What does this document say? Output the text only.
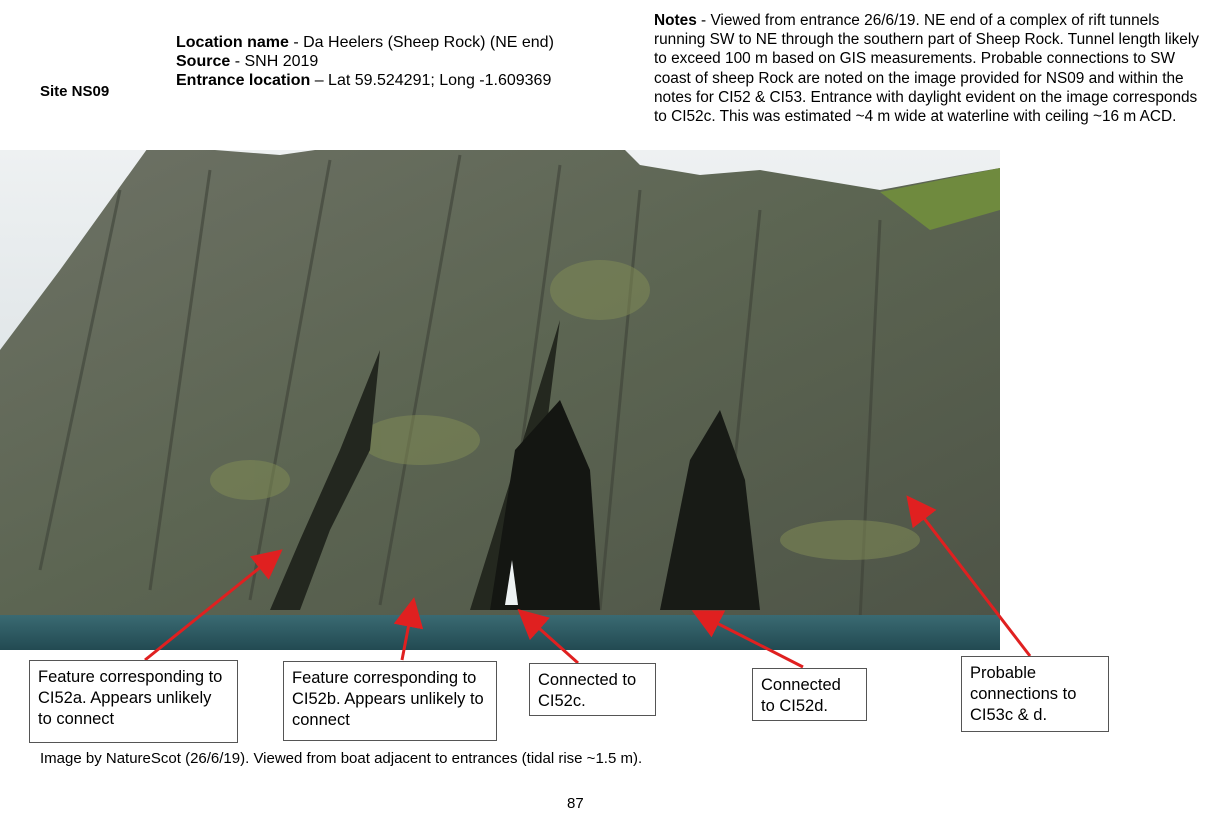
Site NS09
Location name - Da Heelers (Sheep Rock) (NE end)
Source - SNH 2019
Entrance location – Lat 59.524291; Long -1.609369
Notes - Viewed from entrance 26/6/19. NE end of a complex of rift tunnels running SW to NE through the southern part of Sheep Rock. Tunnel length likely to exceed 100 m based on GIS measurements. Probable connections to SW coast of sheep Rock are noted on the image provided for NS09 and within the notes for CI52 & CI53. Entrance with daylight evident on the image corresponds to CI52c. This was estimated ~4 m wide at waterline with ceiling ~16 m ACD.
Feature corresponding to CI52a. Appears unlikely to connect
Feature corresponding to CI52b. Appears unlikely to connect
Connected to CI52c.
Connected to CI52d.
Probable connections to CI53c & d.
Image by NatureScot (26/6/19). Viewed from boat adjacent to entrances (tidal rise ~1.5 m).
87
